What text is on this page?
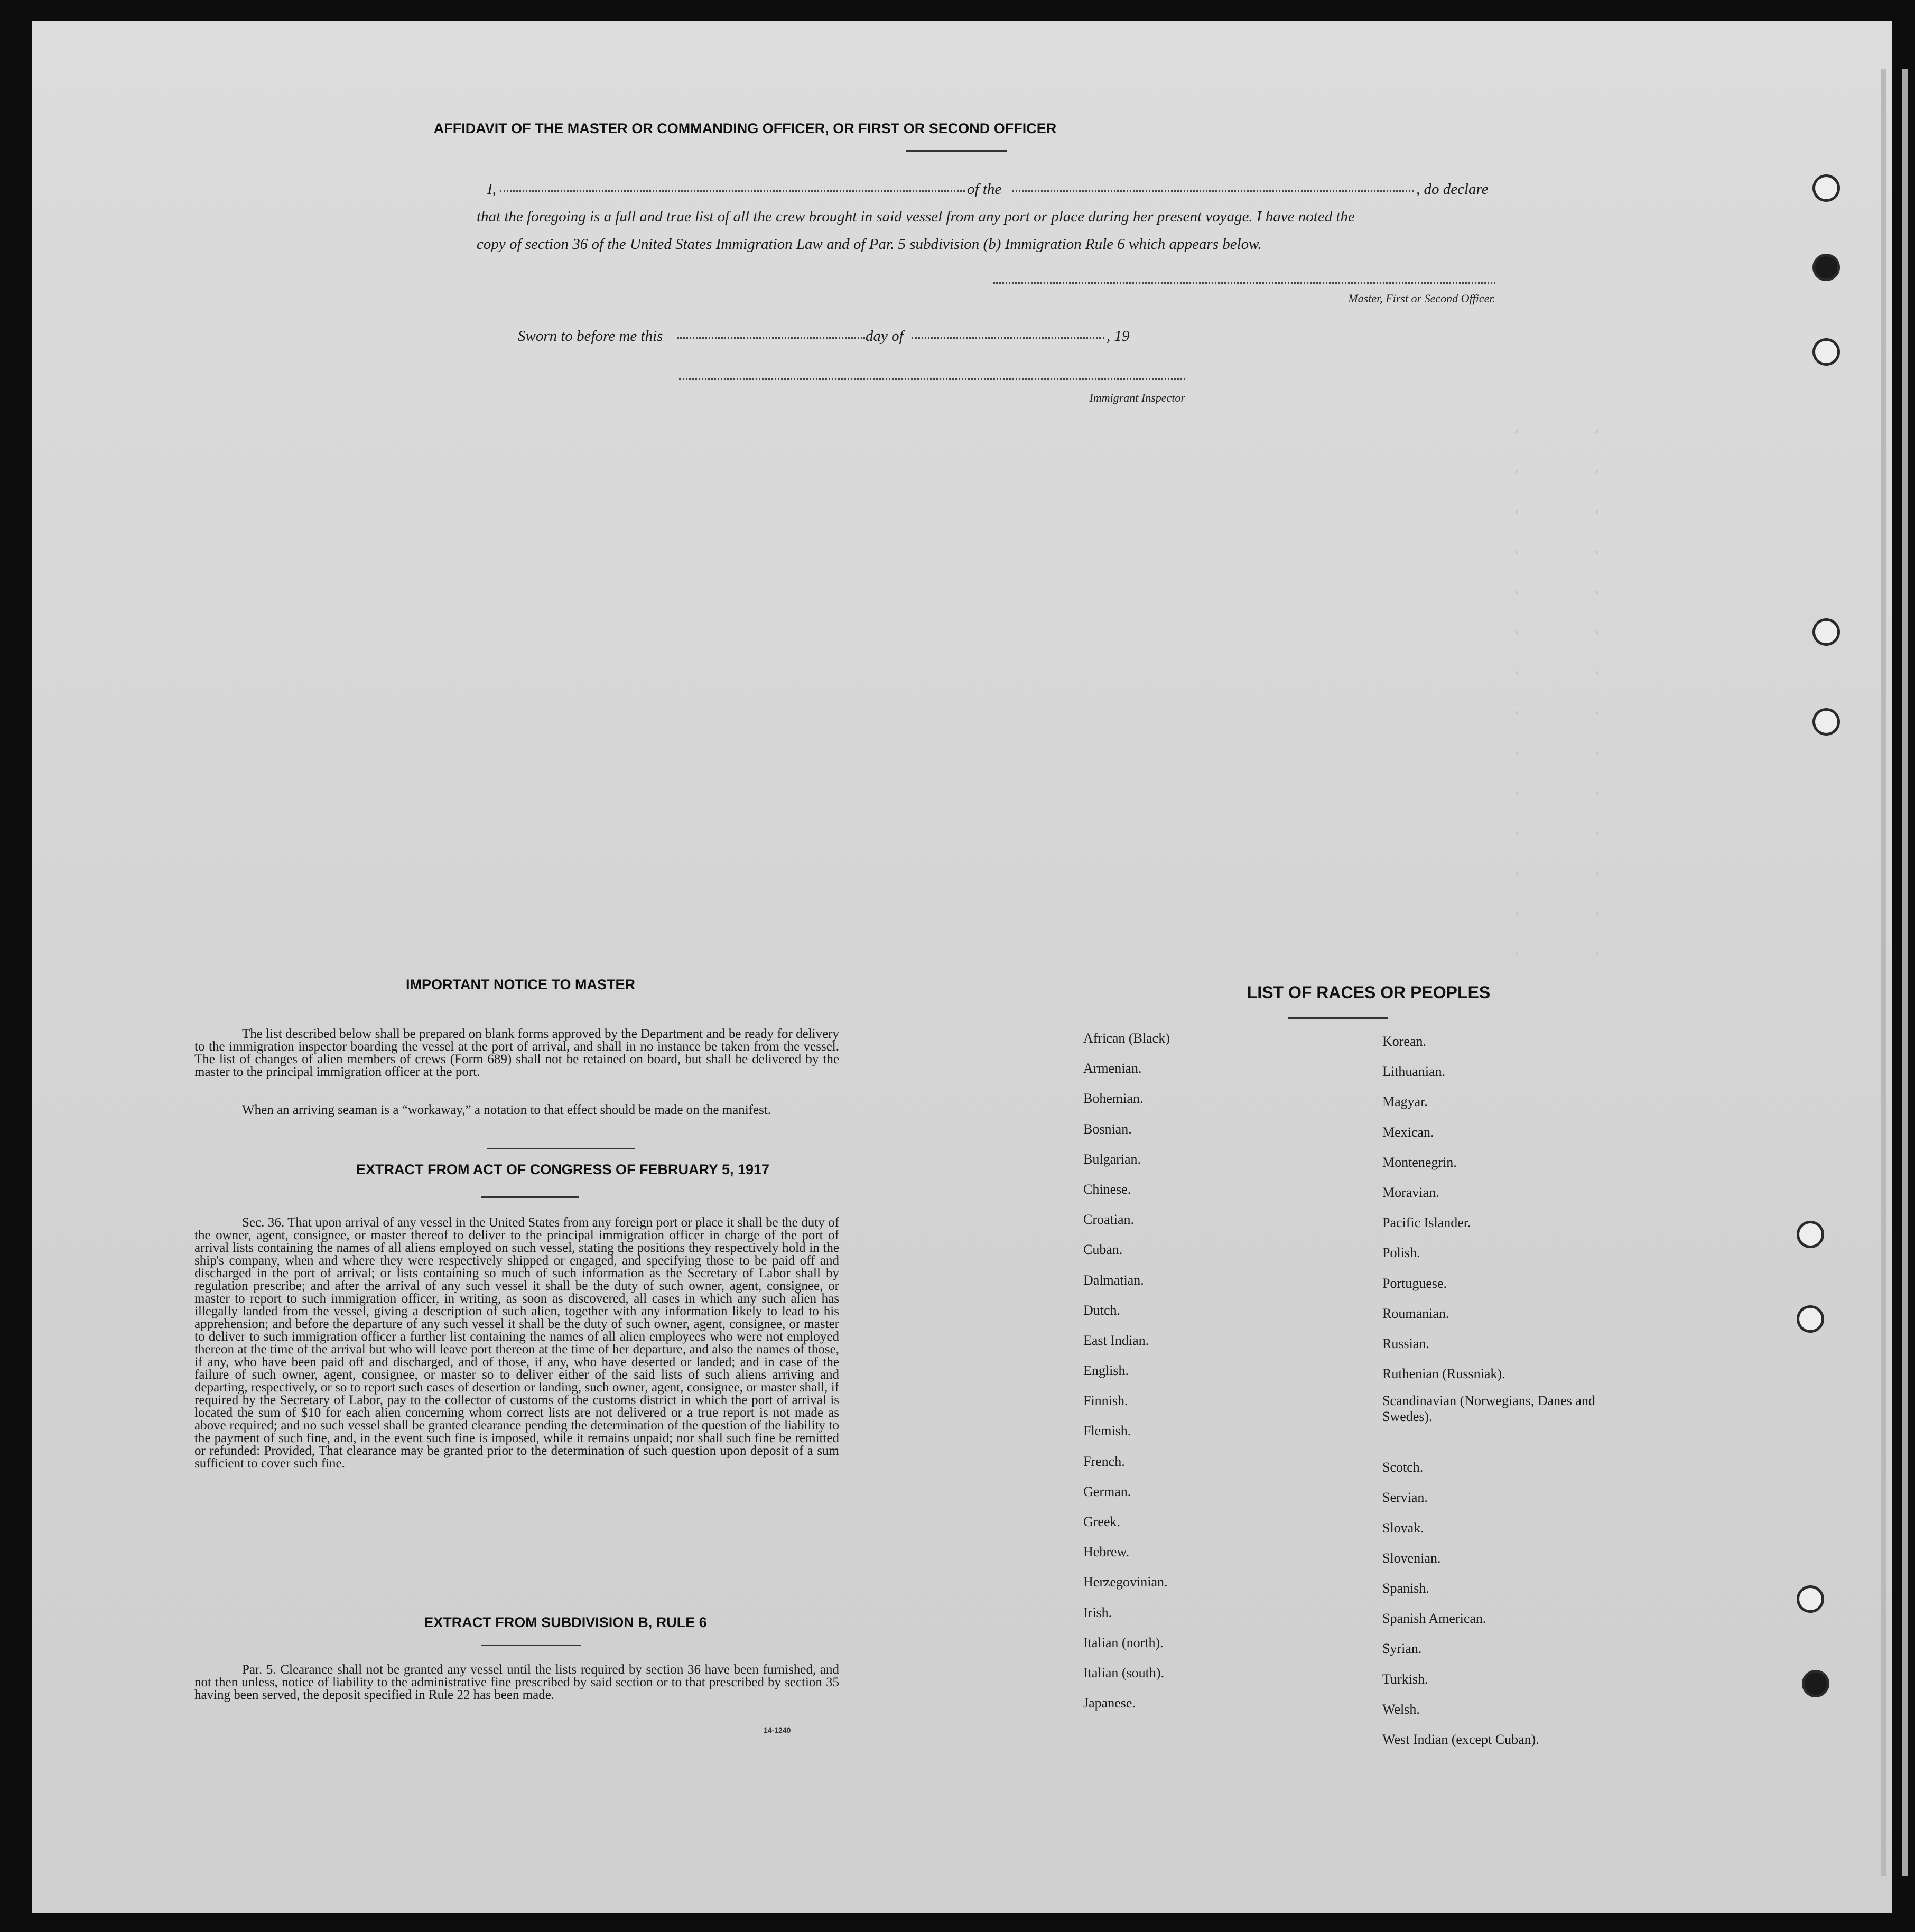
·      ·
·      ·
·      ·
·      ·
·      ·
·      ·
·      ·
·      ·
·      ·
·      ·
·      ·
·      ·
·      ·
·      ·
AFFIDAVIT OF THE MASTER OR COMMANDING OFFICER, OR FIRST OR SECOND OFFICER
I,	of the	, do declare
that the foregoing is a full and true list of all the crew brought in said vessel from any port or place during her present voyage. I have noted the
copy of section 36 of the United States Immigration Law and of Par. 5 subdivision (b) Immigration Rule 6 which appears below.
Master, First or Second Officer.
Sworn to before me this	day of	, 19
Immigrant Inspector
IMPORTANT NOTICE TO MASTER
The list described below shall be prepared on blank forms approved by the Department and be ready for delivery to the immigration inspector boarding the vessel at the port of arrival, and shall in no instance be taken from the vessel. The list of changes of alien members of crews (Form 689) shall not be retained on board, but shall be delivered by the master to the principal immigration officer at the port.
When an arriving seaman is a “workaway,” a notation to that effect should be made on the manifest.
EXTRACT FROM ACT OF CONGRESS OF FEBRUARY 5, 1917
Sec. 36. That upon arrival of any vessel in the United States from any foreign port or place it shall be the duty of the owner, agent, consignee, or master thereof to deliver to the principal immigration officer in charge of the port of arrival lists containing the names of all aliens employed on such vessel, stating the positions they respectively hold in the ship's company, when and where they were respectively shipped or engaged, and specifying those to be paid off and discharged in the port of arrival; or lists containing so much of such information as the Secretary of Labor shall by regulation prescribe; and after the arrival of any such vessel it shall be the duty of such owner, agent, consignee, or master to report to such immigration officer, in writing, as soon as discovered, all cases in which any such alien has illegally landed from the vessel, giving a description of such alien, together with any information likely to lead to his apprehension; and before the departure of any such vessel it shall be the duty of such owner, agent, consignee, or master to deliver to such immigration officer a further list containing the names of all alien employees who were not employed thereon at the time of the arrival but who will leave port thereon at the time of her departure, and also the names of those, if any, who have been paid off and discharged, and of those, if any, who have deserted or landed; and in case of the failure of such owner, agent, consignee, or master so to deliver either of the said lists of such aliens arriving and departing, respectively, or so to report such cases of desertion or landing, such owner, agent, consignee, or master shall, if required by the Secretary of Labor, pay to the collector of customs of the customs district in which the port of arrival is located the sum of $10 for each alien concerning whom correct lists are not delivered or a true report is not made as above required; and no such vessel shall be granted clearance pending the determination of the question of the liability to the payment of such fine, and, in the event such fine is imposed, while it remains unpaid; nor shall such fine be remitted or refunded: Provided, That clearance may be granted prior to the determination of such question upon deposit of a sum sufficient to cover such fine.
EXTRACT FROM SUBDIVISION B, RULE 6
Par. 5. Clearance shall not be granted any vessel until the lists required by section 36 have been furnished, and not then unless, notice of liability to the administrative fine prescribed by said section or to that prescribed by section 35 having been served, the deposit specified in Rule 22 has been made.
14-1240
LIST OF RACES OR PEOPLES
African (Black)
Armenian.
Bohemian.
Bosnian.
Bulgarian.
Chinese.
Croatian.
Cuban.
Dalmatian.
Dutch.
East Indian.
English.
Finnish.
Flemish.
French.
German.
Greek.
Hebrew.
Herzegovinian.
Irish.
Italian (north).
Italian (south).
Japanese.
Korean.
Lithuanian.
Magyar.
Mexican.
Montenegrin.
Moravian.
Pacific Islander.
Polish.
Portuguese.
Roumanian.
Russian.
Ruthenian (Russniak).
Scandinavian (Norwegians, Danes and Swedes).
Scotch.
Servian.
Slovak.
Slovenian.
Spanish.
Spanish American.
Syrian.
Turkish.
Welsh.
West Indian (except Cuban).
